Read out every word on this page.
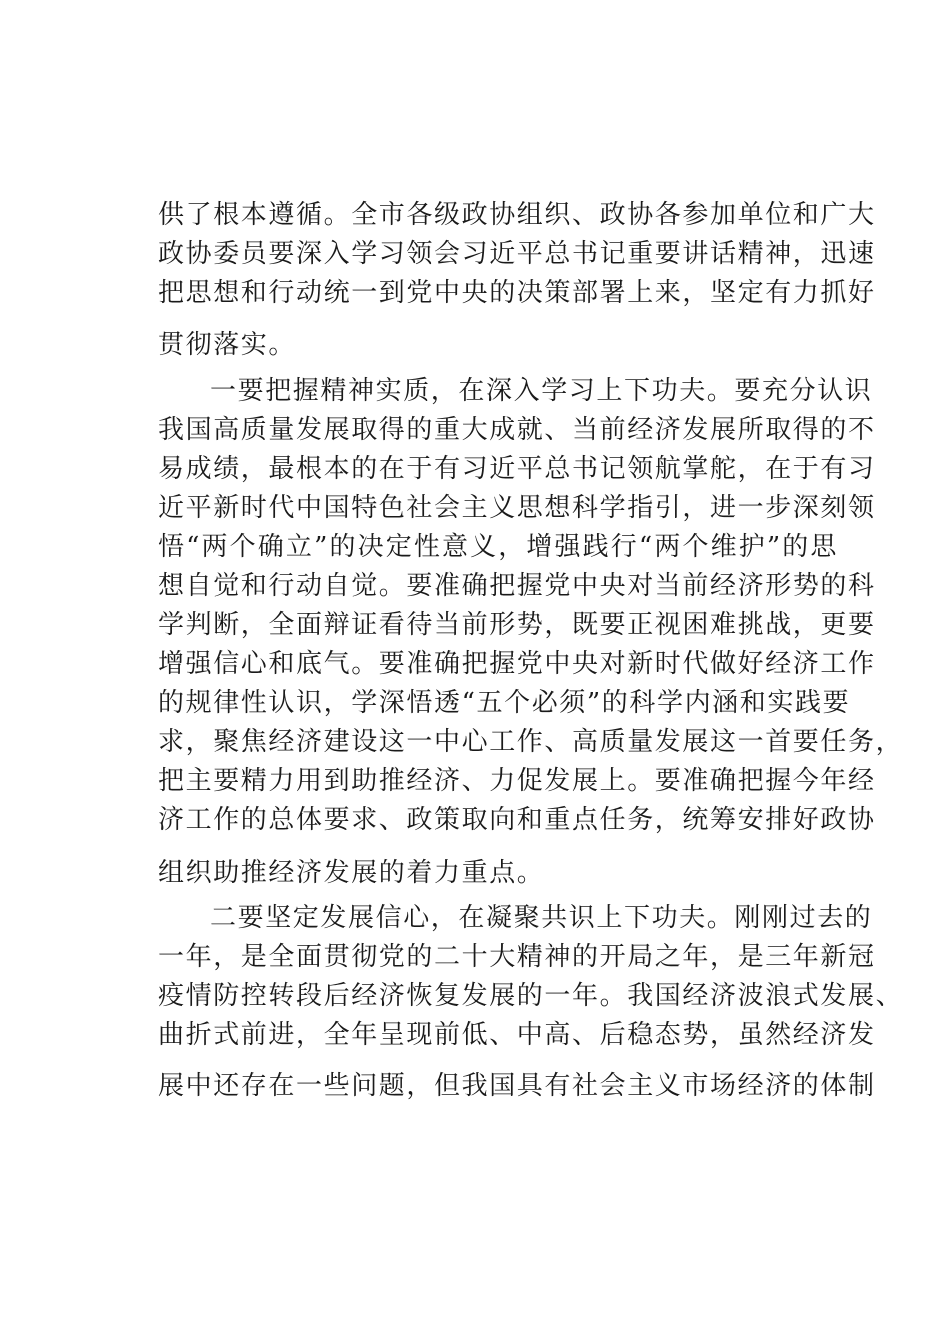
供了根本遵循。全市各级政协组织、政协各参加单位和广大
政协委员要深入学习领会习近平总书记重要讲话精神，迅速
把思想和行动统一到党中央的决策部署上来，坚定有力抓好
贯彻落实。
一要把握精神实质，在深入学习上下功夫。要充分认识
我国高质量发展取得的重大成就、当前经济发展所取得的不
易成绩，最根本的在于有习近平总书记领航掌舵，在于有习
近平新时代中国特色社会主义思想科学指引，进一步深刻领
悟“两个确立”的决定性意义，增强践行“两个维护”的思
想自觉和行动自觉。要准确把握党中央对当前经济形势的科
学判断，全面辩证看待当前形势，既要正视困难挑战，更要
增强信心和底气。要准确把握党中央对新时代做好经济工作
的规律性认识，学深悟透“五个必须”的科学内涵和实践要
求，聚焦经济建设这一中心工作、高质量发展这一首要任务，
把主要精力用到助推经济、力促发展上。要准确把握今年经
济工作的总体要求、政策取向和重点任务，统筹安排好政协
组织助推经济发展的着力重点。
二要坚定发展信心，在凝聚共识上下功夫。刚刚过去的
一年，是全面贯彻党的二十大精神的开局之年，是三年新冠
疫情防控转段后经济恢复发展的一年。我国经济波浪式发展、
曲折式前进，全年呈现前低、中高、后稳态势，虽然经济发
展中还存在一些问题，但我国具有社会主义市场经济的体制
